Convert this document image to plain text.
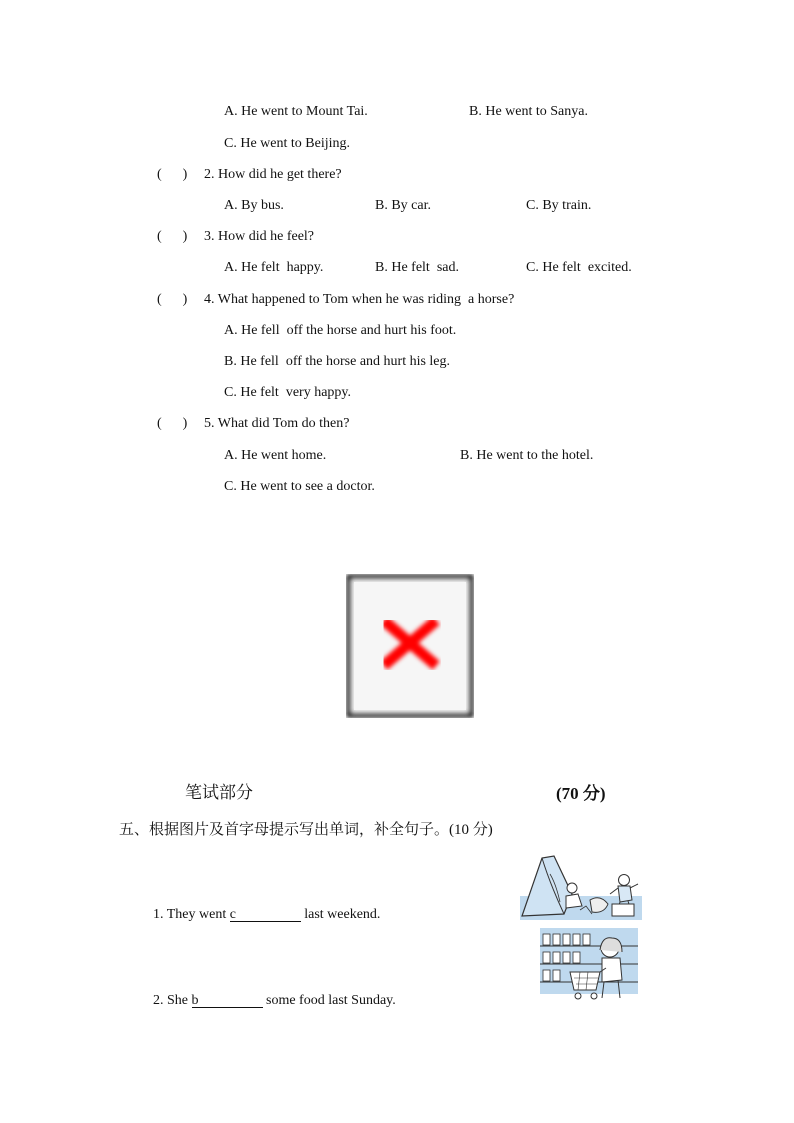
A. He went to Mount Tai.	B. He went to Sanya.
C. He went to Beijing.
(      ) 2. How did he get there?
A. By bus.	B. By car.	C. By train.
(      ) 3. How did he feel?
A. He felt  happy.	B. He felt  sad.	C. He felt  excited.
(      ) 4. What happened to Tom when he was riding  a horse?
A. He fell  off the horse and hurt his foot.
B. He fell  off the horse and hurt his leg.
C. He felt  very happy.
(      ) 5. What did Tom do then?
A. He went home.	B. He went to the hotel.
C. He went to see a doctor.
笔试部分	(70 分)
五、根据图片及首字母提示写出单词，补全句子。(10 分)
1. They went c	last weekend.
2. She b	some food last Sunday.
